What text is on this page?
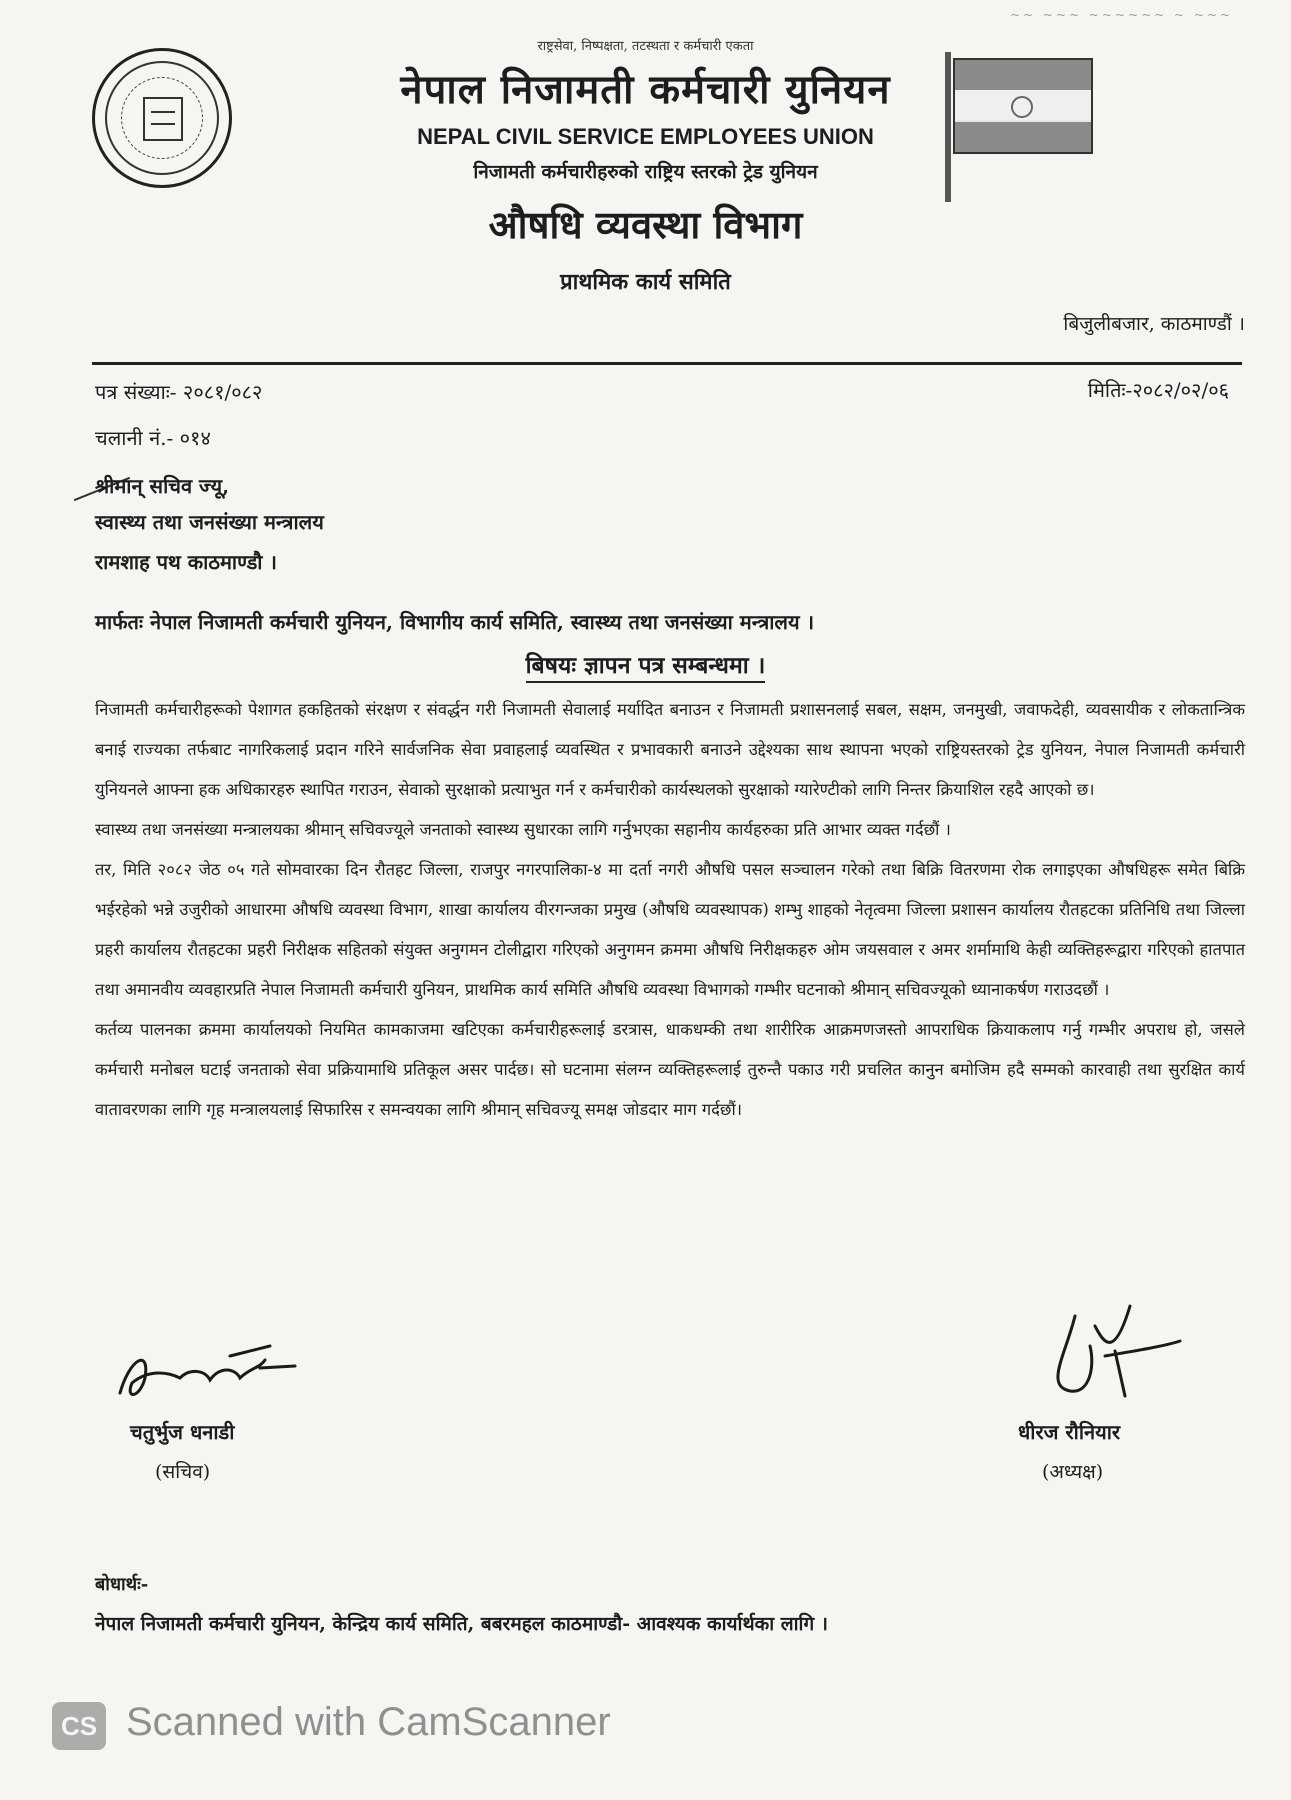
~~ ~~~ ~~~~~~ ~ ~~~
राष्ट्रसेवा, निष्पक्षता, तटस्थता र कर्मचारी एकता
नेपाल निजामती कर्मचारी युनियन
NEPAL CIVIL SERVICE EMPLOYEES UNION
निजामती कर्मचारीहरुको राष्ट्रिय स्तरको ट्रेड युनियन
औषधि व्यवस्था विभाग
प्राथमिक कार्य समिति
बिजुलीबजार, काठमाण्डौं ।
पत्र संख्याः- २०८१/०८२	मितिः-२०८२/०२/०६
चलानी नं.- ०१४
श्रीमान् सचिव ज्यू,
स्वास्थ्य तथा जनसंख्या मन्त्रालय
रामशाह पथ काठमाण्डौ ।
मार्फतः नेपाल निजामती कर्मचारी युनियन, विभागीय कार्य समिति, स्वास्थ्य तथा जनसंख्या मन्त्रालय ।
बिषयः ज्ञापन पत्र सम्बन्धमा ।

निजामती कर्मचारीहरूको पेशागत हकहितको संरक्षण र संवर्द्धन गरी निजामती सेवालाई मर्यादित बनाउन र निजामती प्रशासनलाई सबल, सक्षम, जनमुखी, जवाफदेही, व्यवसायीक र लोकतान्त्रिक बनाई राज्यका तर्फबाट नागरिकलाई प्रदान गरिने सार्वजनिक सेवा प्रवाहलाई व्यवस्थित र प्रभावकारी बनाउने उद्देश्यका साथ स्थापना भएको राष्ट्रियस्तरको ट्रेड युनियन, नेपाल निजामती कर्मचारी युनियनले आफ्ना हक अधिकारहरु स्थापित गराउन, सेवाको सुरक्षाको प्रत्याभुत गर्न र कर्मचारीको कार्यस्थलको सुरक्षाको ग्यारेण्टीको लागि निन्तर क्रियाशिल रहदै आएको छ।

स्वास्थ्य तथा जनसंख्या मन्त्रालयका श्रीमान् सचिवज्यूले जनताको स्वास्थ्य सुधारका लागि गर्नुभएका सहानीय कार्यहरुका प्रति आभार व्यक्त गर्दछौं ।

तर, मिति २०८२ जेठ ०५ गते सोमवारका दिन रौतहट जिल्ला, राजपुर नगरपालिका-४ मा दर्ता नगरी औषधि पसल सञ्चालन गरेको तथा बिक्रि वितरणमा रोक लगाइएका औषधिहरू समेत बिक्रि भईरहेको भन्ने उजुरीको आधारमा औषधि व्यवस्था विभाग, शाखा कार्यालय वीरगन्जका प्रमुख (औषधि व्यवस्थापक) शम्भु शाहको नेतृत्वमा जिल्ला प्रशासन कार्यालय रौतहटका प्रतिनिधि तथा जिल्ला प्रहरी कार्यालय रौतहटका प्रहरी निरीक्षक सहितको संयुक्त अनुगमन टोलीद्वारा गरिएको अनुगमन क्रममा औषधि निरीक्षकहरु ओम जयसवाल र अमर शर्मामाथि केही व्यक्तिहरूद्वारा गरिएको हातपात तथा अमानवीय व्यवहारप्रति नेपाल निजामती कर्मचारी युनियन, प्राथमिक कार्य समिति औषधि व्यवस्था विभागको गम्भीर घटनाको श्रीमान् सचिवज्यूको ध्यानाकर्षण गराउदछौं ।

कर्तव्य पालनका क्रममा कार्यालयको नियमित कामकाजमा खटिएका कर्मचारीहरूलाई डरत्रास, धाकधम्की तथा शारीरिक आक्रमणजस्तो आपराधिक क्रियाकलाप गर्नु गम्भीर अपराध हो, जसले कर्मचारी मनोबल घटाई जनताको सेवा प्रक्रियामाथि प्रतिकूल असर पार्दछ। सो घटनामा संलग्न व्यक्तिहरूलाई तुरुन्तै पकाउ गरी प्रचलित कानुन बमोजिम हदै सम्मको कारवाही तथा सुरक्षित कार्य वातावरणका लागि गृह मन्त्रालयलाई सिफारिस र समन्वयका लागि श्रीमान् सचिवज्यू समक्ष जोडदार माग गर्दछौं।

चतुर्भुज धनाडी
(सचिव)
धीरज रौनियार
(अध्यक्ष)
बोधार्थः-
नेपाल निजामती कर्मचारी युनियन, केन्द्रिय कार्य समिति, बबरमहल काठमाण्डौ- आवश्यक कार्यार्थका लागि ।
CS Scanned with CamScanner
